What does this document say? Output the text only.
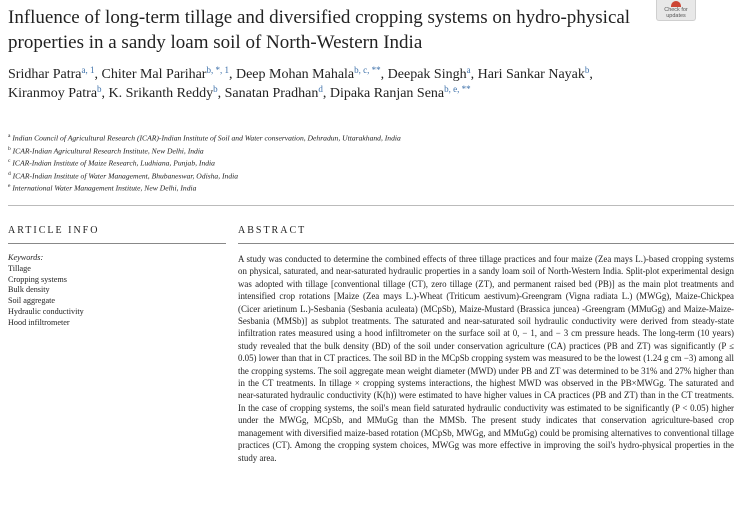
Influence of long-term tillage and diversified cropping systems on hydro-physical properties in a sandy loam soil of North-Western India
Check for
updates
Sridhar Patra$^{a, 1}$, Chiter Mal Parihar$^{b, *, 1}$, Deep Mohan Mahala$^{b, c, **}$, Deepak Singh$^a$, Hari Sankar Nayak$^b$, Kiranmoy Patra$^b$, K. Srikanth Reddy$^b$, Sanatan Pradhan$^d$, Dipaka Ranjan Sena$^{b, e, **}$
$^a$ Indian Council of Agricultural Research (ICAR)-Indian Institute of Soil and Water conservation, Dehradun, Uttarakhand, India
$^b$ ICAR-Indian Agricultural Research Institute, New Delhi, India
$^c$ ICAR-Indian Institute of Maize Research, Ludhiana, Punjab, India
$^d$ ICAR-Indian Institute of Water Management, Bhubaneswar, Odisha, India
$^e$ International Water Management Institute, New Delhi, India
ARTICLE INFO	ABSTRACT
Keywords:
Tillage
Cropping systems
Bulk density
Soil aggregate
Hydraulic conductivity
Hood infiltrometer
A study was conducted to determine the combined effects of three tillage practices and four maize (Zea mays L.)-based cropping systems on physical, saturated, and near-saturated hydraulic properties in a sandy loam soil of North-Western India. Split-plot experimental design was adopted with tillage [conventional tillage (CT), zero tillage (ZT), and permanent raised bed (PB)] as the main plot treatments and intensified crop rotations [Maize (Zea mays L.)-Wheat (Triticum aestivum)-Greengram (Vigna radiata L.) (MWGg), Maize-Chickpea (Cicer arietinum L.)-Sesbania (Sesbania aculeata) (MCpSb), Maize-Mustard (Brassica juncea) -Greengram (MMuGg) and Maize-Maize-Sesbania (MMSb)] as subplot treatments. The saturated and near-saturated soil hydraulic conductivity were derived from steady-state infiltration rates measured using a hood infiltrometer on the surface soil at 0, − 1, and − 3 cm pressure heads. The long-term (10 years) study revealed that the bulk density (BD) of the soil under conservation agriculture (CA) practices (PB and ZT) was significantly (P ≤ 0.05) lower than that in CT practices. The soil BD in the MCpSb cropping system was measured to be the lowest (1.24 g cm −3) among all the cropping systems. The soil aggregate mean weight diameter (MWD) under PB and ZT was determined to be 31% and 27% higher than in the CT treatments. In tillage × cropping systems interactions, the highest MWD was observed in the PB×MWGg. The saturated and near-saturated hydraulic conductivity (K(h)) were estimated to have higher values in CA practices (PB and ZT) than in the CT treatments. In the case of cropping systems, the soil's mean field saturated hydraulic conductivity was estimated to be significantly (P < 0.05) higher under the MWGg, MCpSb, and MMuGg than the MMSb. The present study indicates that conservation agriculture-based crop management with diversified maize-based rotation (MCpSb, MWGg, and MMuGg) could be promising alternatives to conventional tillage practices (CT). Among the cropping system choices, MWGg was more effective in improving the soil's hydro-physical properties in the study area.
